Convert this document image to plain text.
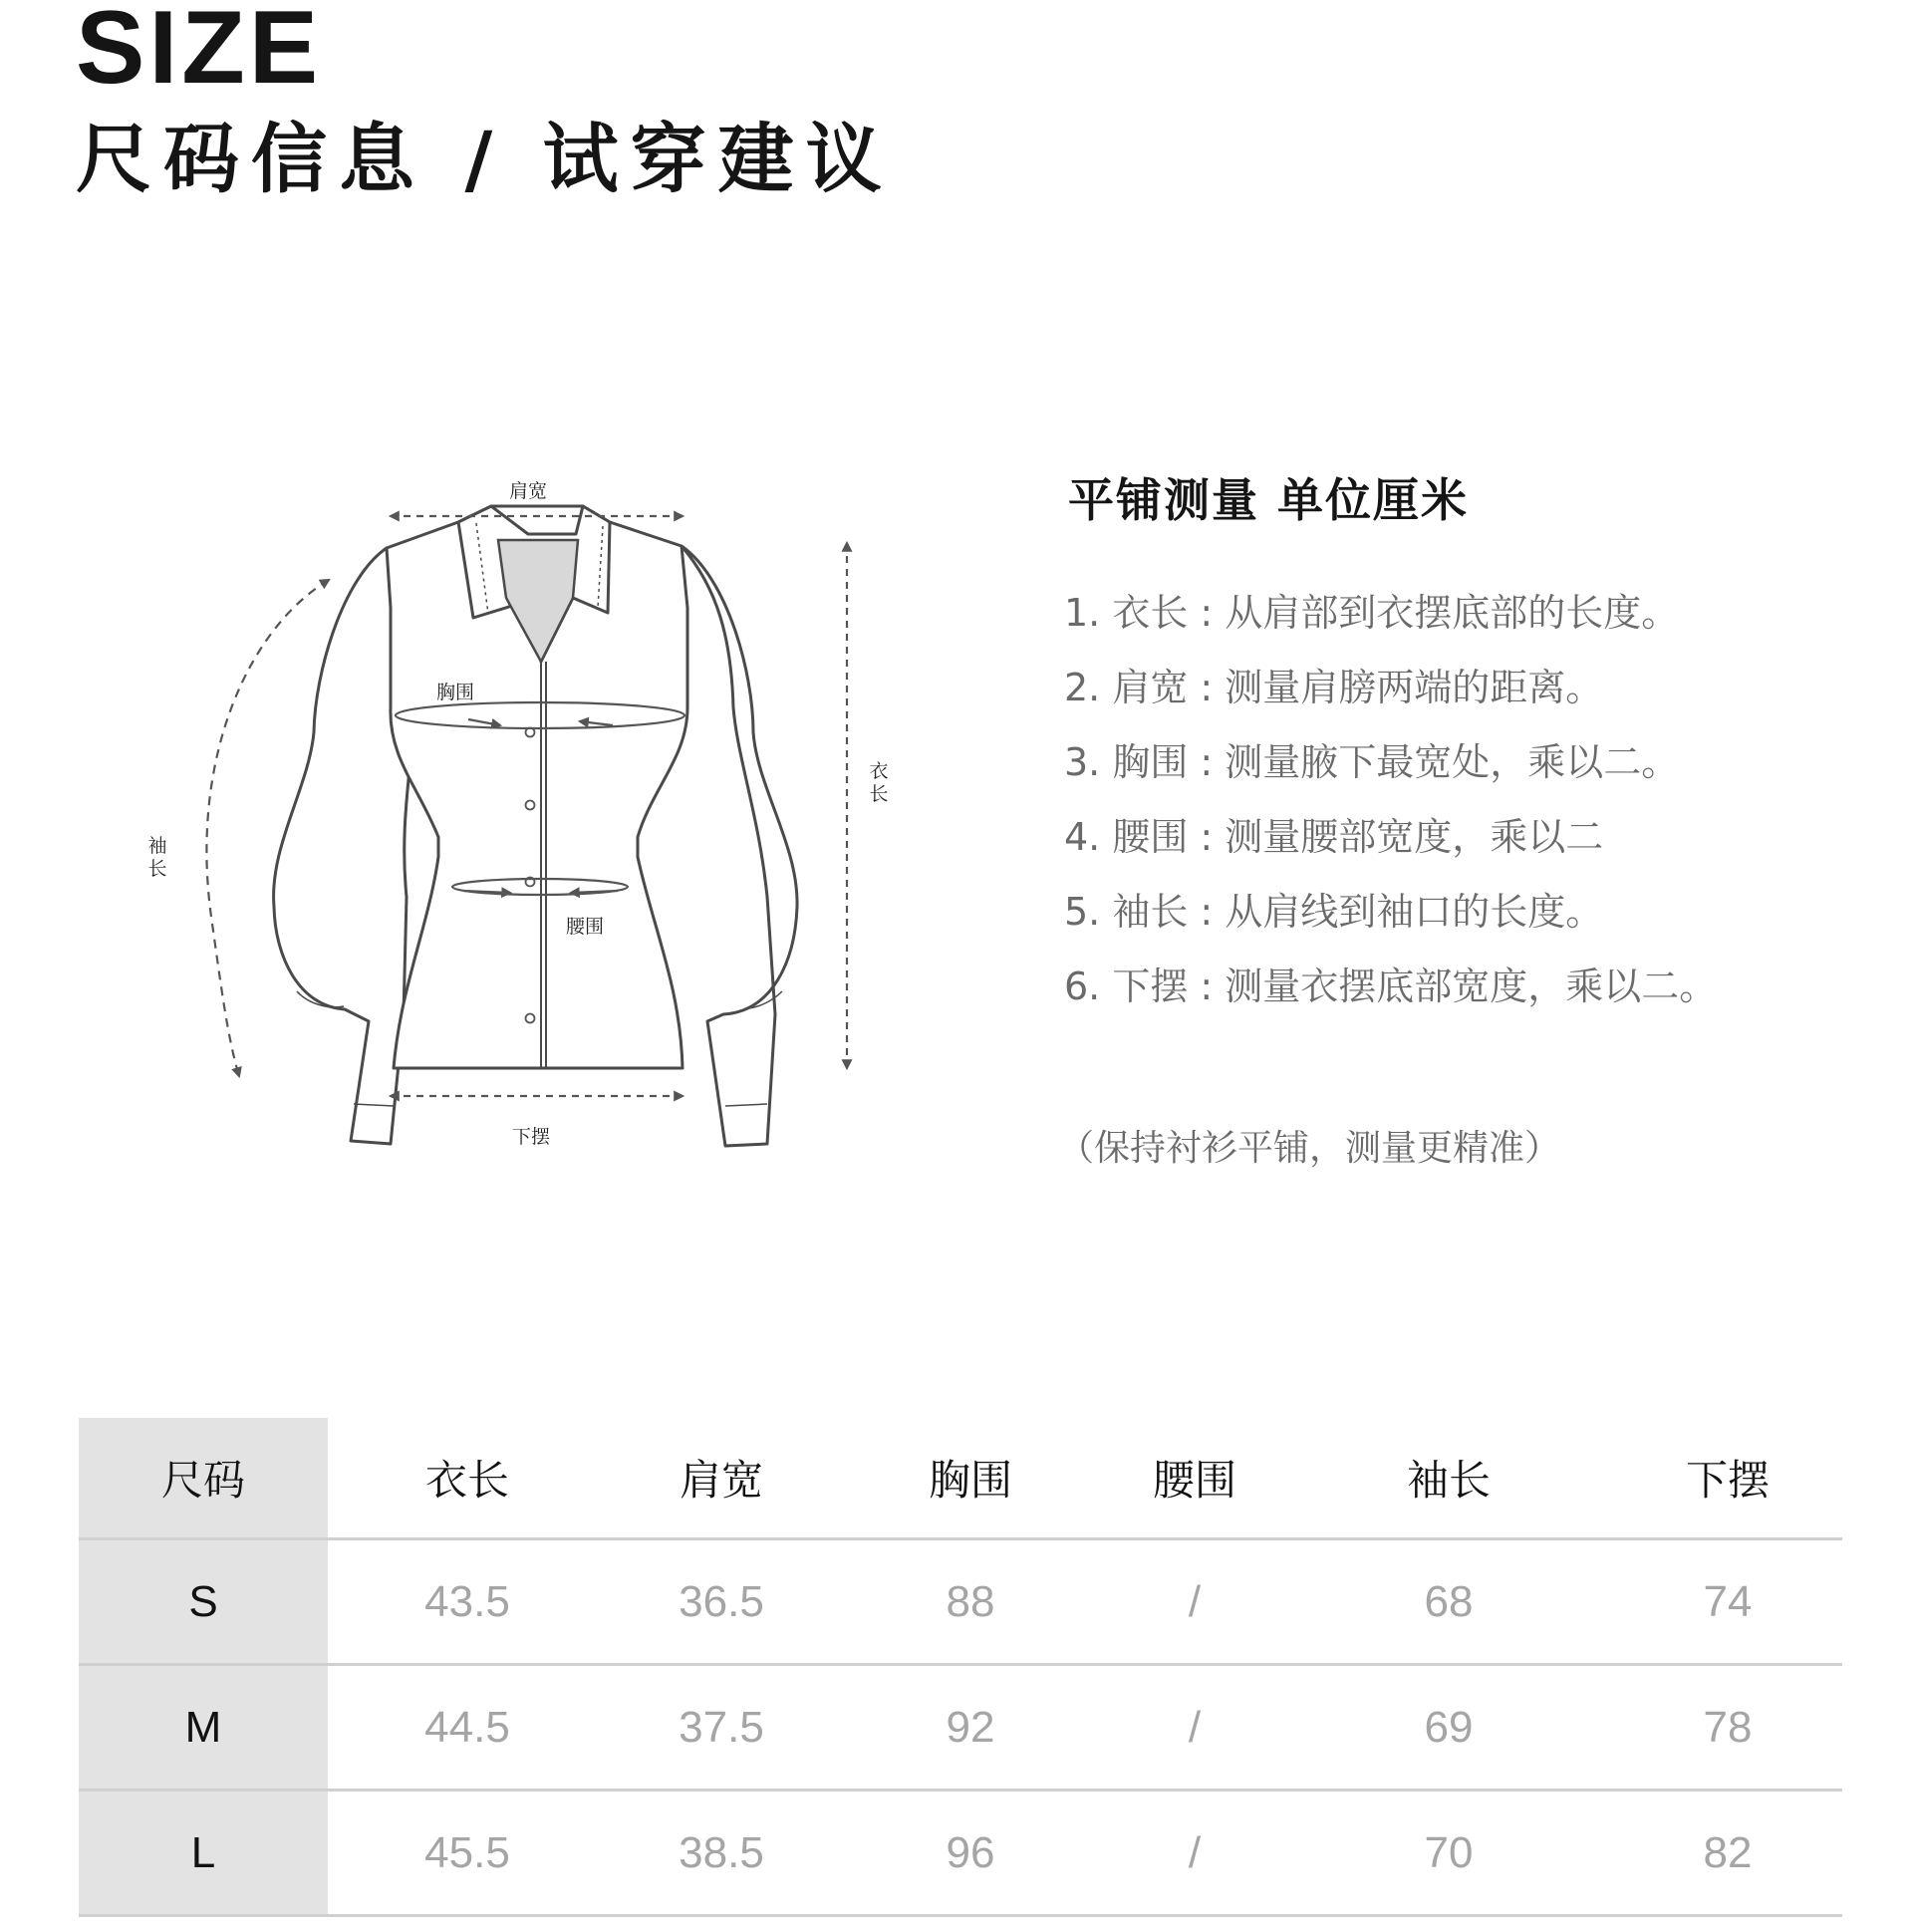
SIZE
尺码信息 / 试穿建议
肩宽
胸围
腰围
下摆
衣长
袖长
平铺测量 单位厘米
1. 衣长 : 从肩部到衣摆底部的长度。
2. 肩宽 : 测量肩膀两端的距离。
3. 胸围 : 测量腋下最宽处，乘以二。
4. 腰围 : 测量腰部宽度，乘以二
5. 袖长 : 从肩线到袖口的长度。
6. 下摆 : 测量衣摆底部宽度，乘以二。
（保持衬衫平铺，测量更精准）
尺码	衣长	肩宽	胸围	腰围	袖长	下摆
S	43.5	36.5	88	/	68	74
M	44.5	37.5	92	/	69	78
L	45.5	38.5	96	/	70	82
